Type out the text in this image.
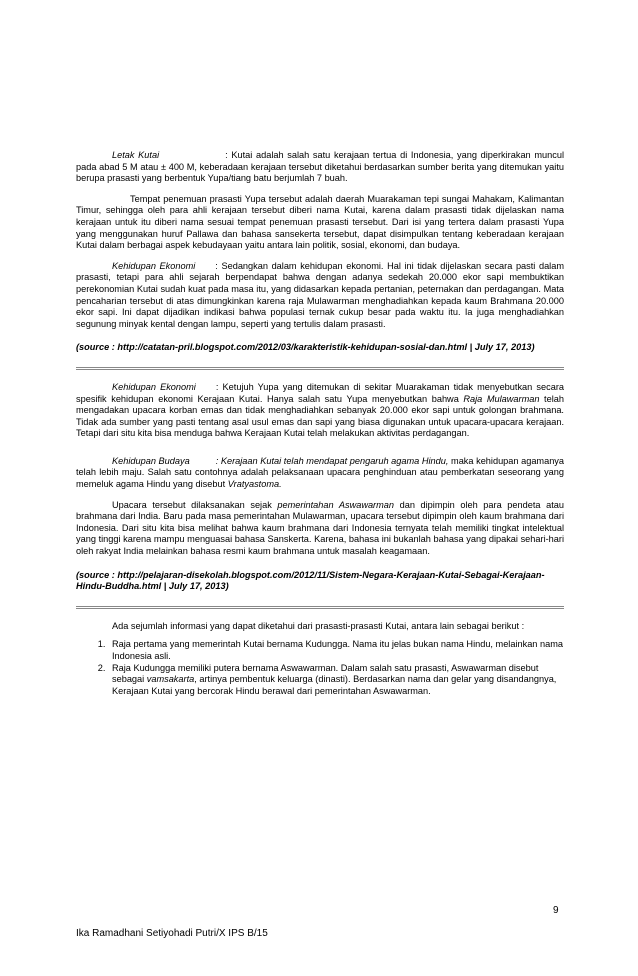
Letak Kutai	: Kutai adalah salah satu kerajaan tertua di Indonesia, yang diperkirakan muncul pada abad 5 M atau ± 400 M, keberadaan kerajaan tersebut diketahui berdasarkan sumber berita yang ditemukan yaitu berupa prasasti yang berbentuk Yupa/tiang batu berjumlah 7 buah.

Tempat penemuan prasasti Yupa tersebut adalah daerah Muarakaman tepi sungai Mahakam, Kalimantan Timur, sehingga oleh para ahli kerajaan tersebut diberi nama Kutai, karena dalam prasasti tidak dijelaskan nama kerajaan untuk itu diberi nama sesuai tempat penemuan prasasti tersebut. Dari isi yang tertera dalam prasasti Yupa yang menggunakan huruf Pallawa dan bahasa sansekerta tersebut, dapat disimpulkan tentang keberadaan kerajaan Kutai dalam berbagai aspek kebudayaan yaitu antara lain politik, sosial, ekonomi, dan budaya.

Kehidupan Ekonomi : Sedangkan dalam kehidupan ekonomi. Hal ini tidak dijelaskan secara pasti dalam prasasti, tetapi para ahli sejarah berpendapat bahwa dengan adanya sedekah 20.000 ekor sapi membuktikan perekonomian Kutai sudah kuat pada masa itu, yang didasarkan kepada pertanian, peternakan dan perdagangan. Mata pencaharian tersebut di atas dimungkinkan karena raja Mulawarman menghadiahkan kepada kaum Brahmana 20.000 ekor sapi. Ini dapat dijadikan indikasi bahwa populasi ternak cukup besar pada waktu itu. Ia juga menghadiahkan segunung minyak kental dengan lampu, seperti yang tertulis dalam prasasti.

(source : http://catatan-pril.blogspot.com/2012/03/karakteristik-kehidupan-sosial-dan.html | July 17, 2013)

Kehidupan Ekonomi : Ketujuh Yupa yang ditemukan di sekitar Muarakaman tidak menyebutkan secara spesifik kehidupan ekonomi Kerajaan Kutai. Hanya salah satu Yupa menyebutkan bahwa Raja Mulawarman telah mengadakan upacara korban emas dan tidak menghadiahkan sebanyak 20.000 ekor sapi untuk golongan brahmana. Tidak ada sumber yang pasti tentang asal usul emas dan sapi yang biasa digunakan untuk upacara-upacara kerajaan. Tetapi dari situ kita bisa menduga bahwa Kerajaan Kutai telah melakukan aktivitas perdagangan.

Kehidupan Budaya	: Kerajaan Kutai telah mendapat pengaruh agama Hindu, maka kehidupan agamanya telah lebih maju. Salah satu contohnya adalah pelaksanaan upacara penghinduan atau pemberkatan seseorang yang memeluk agama Hindu yang disebut Vratyastoma.

Upacara tersebut dilaksanakan sejak pemerintahan Aswawarman dan dipimpin oleh para pendeta atau brahmana dari India. Baru pada masa pemerintahan Mulawarman, upacara tersebut dipimpin oleh kaum brahmana dari Indonesia. Dari situ kita bisa melihat bahwa kaum brahmana dari Indonesia ternyata telah memiliki tingkat intelektual yang tinggi karena mampu menguasai bahasa Sanskerta. Karena, bahasa ini bukanlah bahasa yang dipakai sehari-hari oleh rakyat India melainkan bahasa resmi kaum brahmana untuk masalah keagamaan.

(source : http://pelajaran-disekolah.blogspot.com/2012/11/Sistem-Negara-Kerajaan-Kutai-Sebagai-Kerajaan-Hindu-Buddha.html | July 17, 2013)

Ada sejumlah informasi yang dapat diketahui dari prasasti-prasasti Kutai, antara lain sebagai berikut :

1. Raja pertama yang memerintah Kutai bernama Kudungga. Nama itu jelas bukan nama Hindu, melainkan nama Indonesia asli.
2. Raja Kudungga memiliki putera bernama Aswawarman. Dalam salah satu prasasti, Aswawarman disebut sebagai vamsakarta, artinya pembentuk keluarga (dinasti). Berdasarkan nama dan gelar yang disandangnya, Kerajaan Kutai yang bercorak Hindu berawal dari pemerintahan Aswawarman.
9
Ika Ramadhani Setiyohadi Putri/X IPS B/15
